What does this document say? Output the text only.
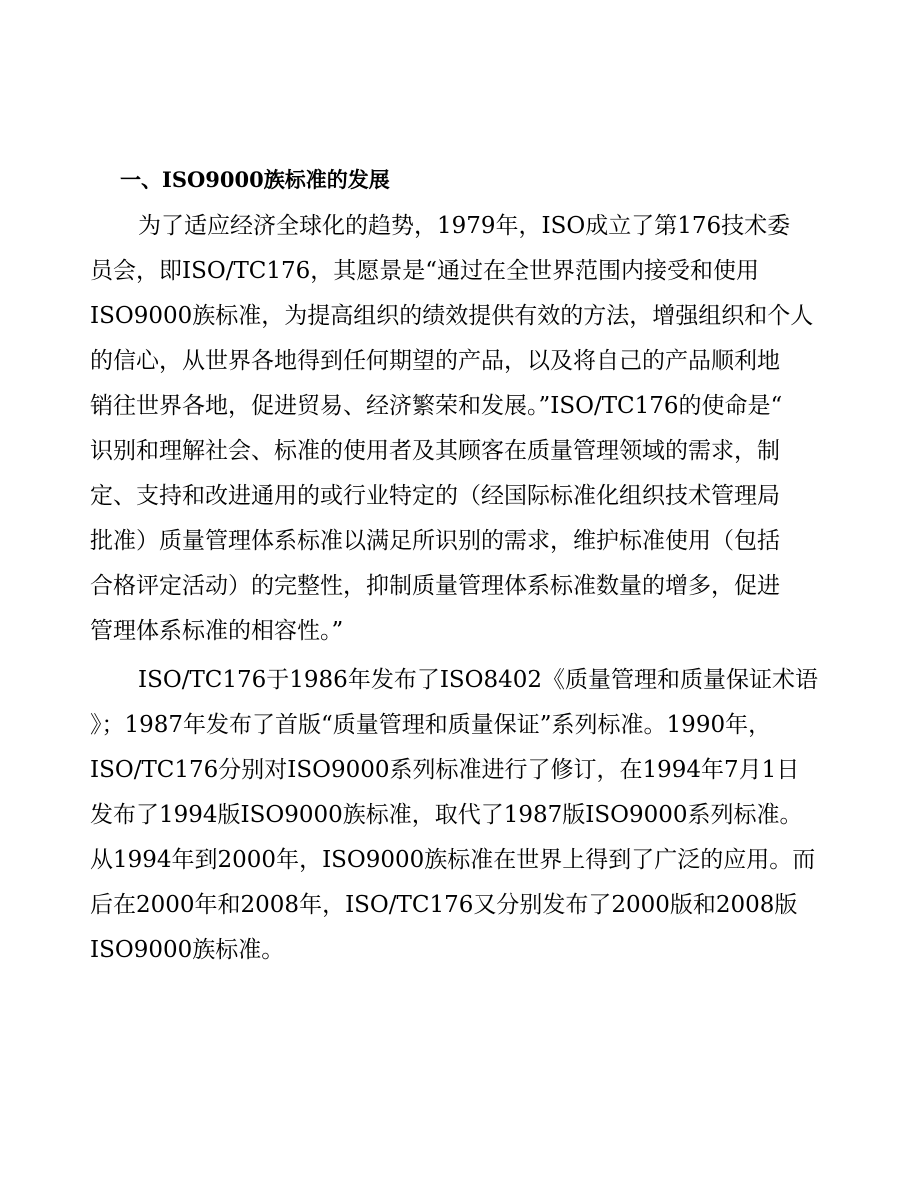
一、ISO9000族标准的发展
为了适应经济全球化的趋势，1979年，ISO成立了第176技术委
员会，即ISO/TC176，其愿景是“通过在全世界范围内接受和使用
ISO9000族标准，为提高组织的绩效提供有效的方法，增强组织和个人
的信心，从世界各地得到任何期望的产品，以及将自己的产品顺利地
销往世界各地，促进贸易、经济繁荣和发展。”ISO/TC176的使命是“
识别和理解社会、标准的使用者及其顾客在质量管理领域的需求，制
定、支持和改进通用的或行业特定的（经国际标准化组织技术管理局
批准）质量管理体系标准以满足所识别的需求，维护标准使用（包括
合格评定活动）的完整性，抑制质量管理体系标准数量的增多，促进
管理体系标准的相容性。”
ISO/TC176于1986年发布了ISO8402《质量管理和质量保证术语
》；1987年发布了首版“质量管理和质量保证”系列标准。1990年，
ISO/TC176分别对ISO9000系列标准进行了修订，在1994年7月1日
发布了1994版ISO9000族标准，取代了1987版ISO9000系列标准。
从1994年到2000年，ISO9000族标准在世界上得到了广泛的应用。而
后在2000年和2008年，ISO/TC176又分别发布了2000版和2008版
ISO9000族标准。
